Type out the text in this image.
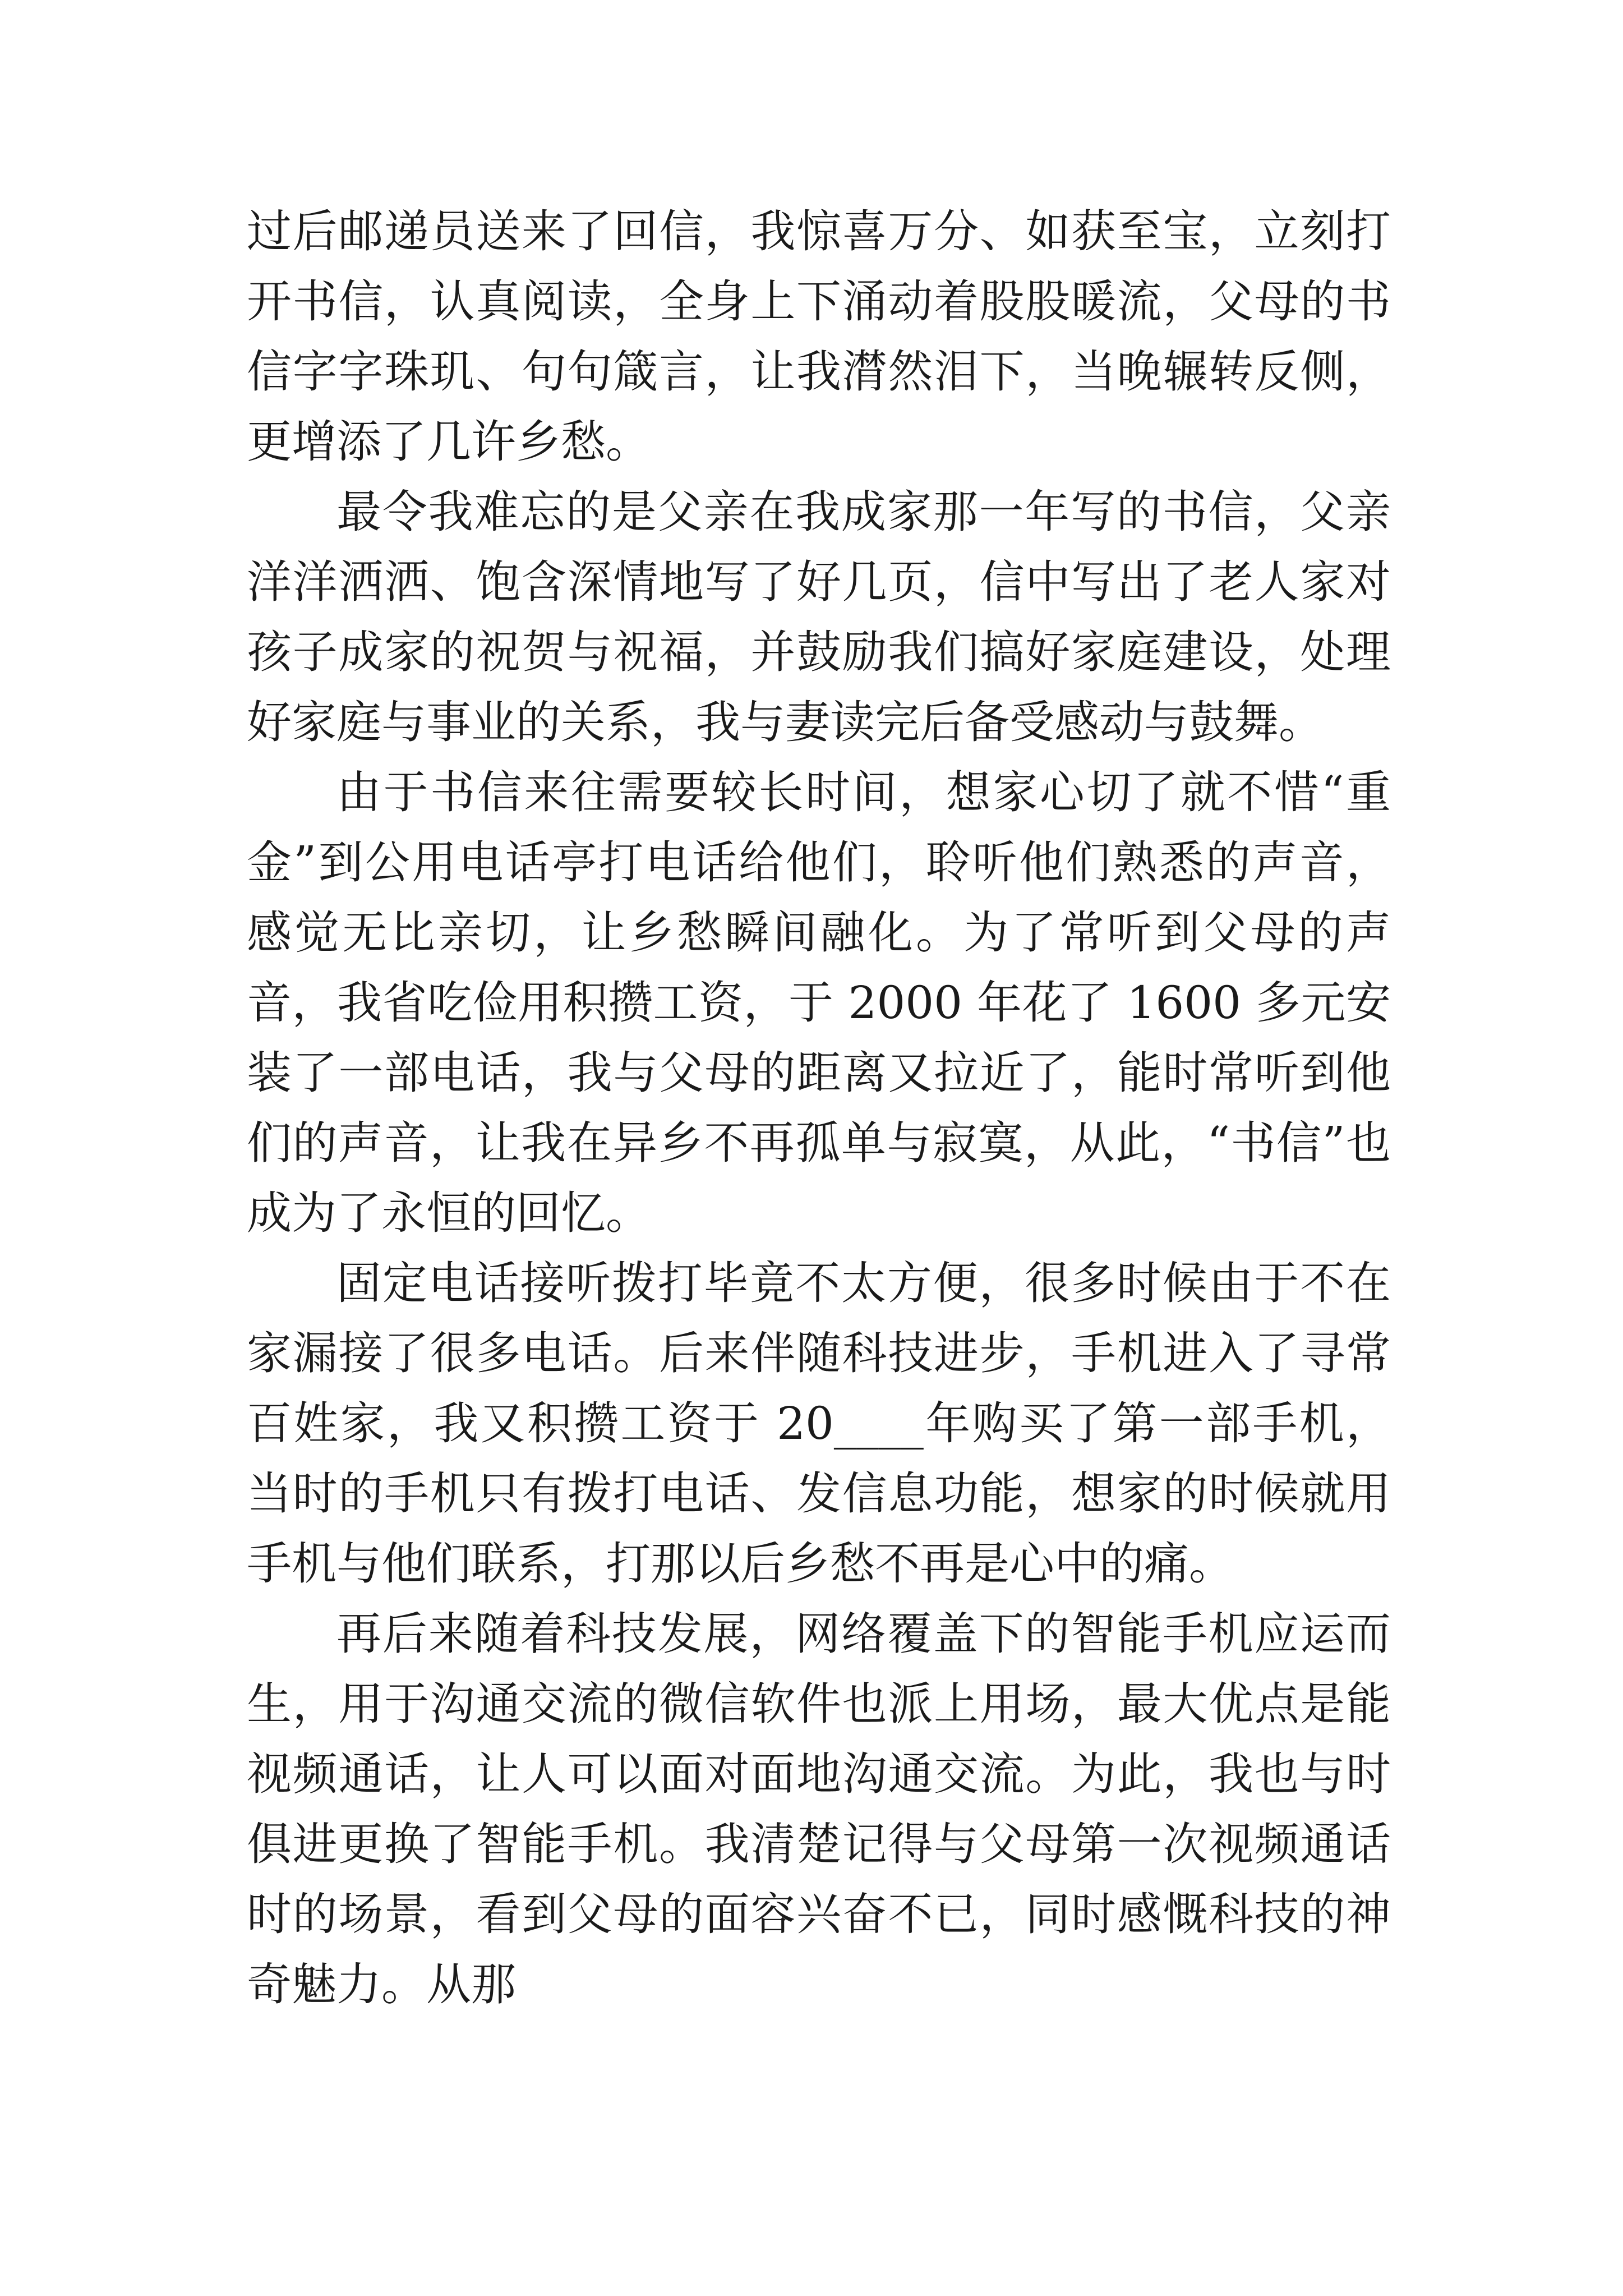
过后邮递员送来了回信，我惊喜万分、如获至宝，立刻打开书信，认真阅读，全身上下涌动着股股暖流，父母的书信字字珠玑、句句箴言，让我潸然泪下，当晚辗转反侧，更增添了几许乡愁。

最令我难忘的是父亲在我成家那一年写的书信，父亲洋洋洒洒、饱含深情地写了好几页，信中写出了老人家对孩子成家的祝贺与祝福，并鼓励我们搞好家庭建设，处理好家庭与事业的关系，我与妻读完后备受感动与鼓舞。

由于书信来往需要较长时间，想家心切了就不惜“重金”到公用电话亭打电话给他们，聆听他们熟悉的声音，感觉无比亲切，让乡愁瞬间融化。为了常听到父母的声音，我省吃俭用积攒工资，于 2000 年花了 1600 多元安装了一部电话，我与父母的距离又拉近了，能时常听到他们的声音，让我在异乡不再孤单与寂寞，从此，“书信”也成为了永恒的回忆。

固定电话接听拨打毕竟不太方便，很多时候由于不在家漏接了很多电话。后来伴随科技进步，手机进入了寻常百姓家，我又积攒工资于 20____年购买了第一部手机，当时的手机只有拨打电话、发信息功能，想家的时候就用手机与他们联系，打那以后乡愁不再是心中的痛。

再后来随着科技发展，网络覆盖下的智能手机应运而生，用于沟通交流的微信软件也派上用场，最大优点是能视频通话，让人可以面对面地沟通交流。为此，我也与时俱进更换了智能手机。我清楚记得与父母第一次视频通话时的场景，看到父母的面容兴奋不已，同时感慨科技的神奇魅力。从那
